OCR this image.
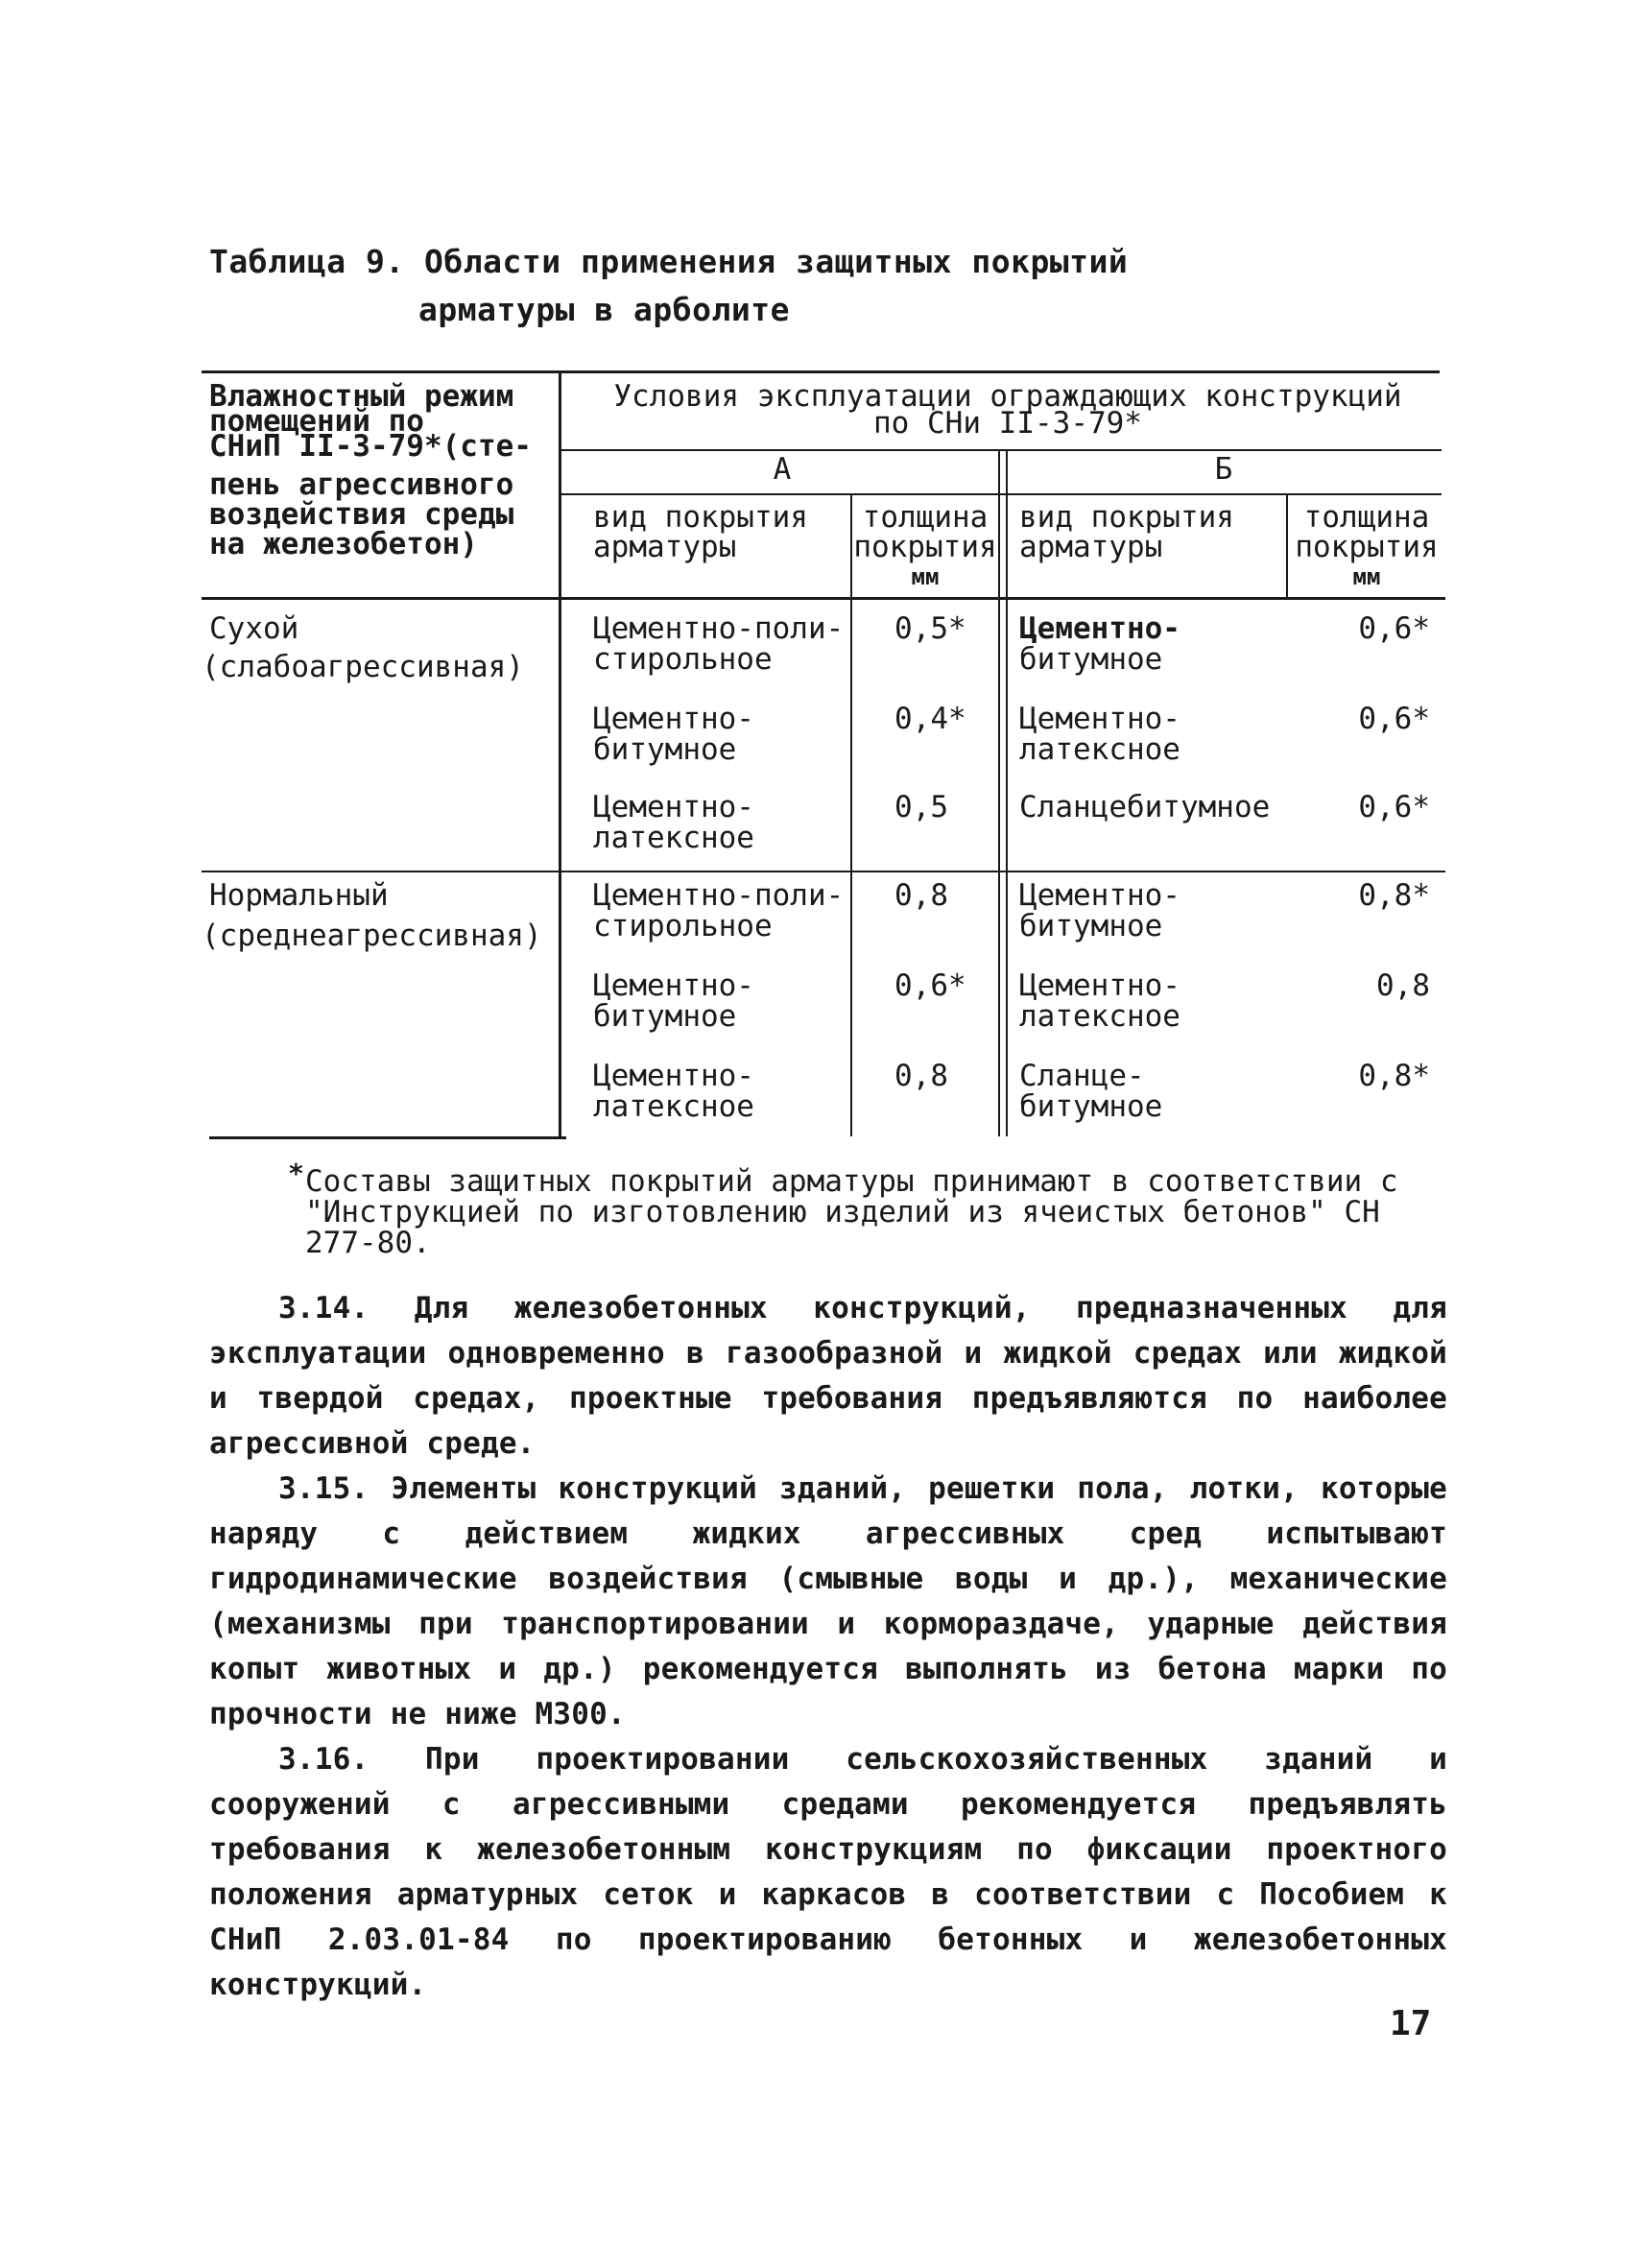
Таблица 9. Области применения защитных покрытий
арматуры в арболите
Влажностный режим
помещений по
СНиП II-3-79*(сте-
пень агрессивного
воздействия среды
на железобетон)
Условия эксплуатации ограждающих конструкций
по СНи II-3-79*
А	Б
вид покрытия
арматуры
толщина
покрытия
мм
вид покрытия
арматуры
толщина
покрытия
мм
Сухой
(слабоагрессивная)
Цементно-поли-
стирольное
0,5* Цементно-
битумное
0,6*
Цементно-
битумное
0,4* Цементно-
латексное
0,6*
Цементно-
латексное
0,5 Сланцебитумное	0,6*
Нормальный
(среднеагрессивная)
Цементно-поли-
стирольное
0,8 Цементно-
битумное
0,8*
Цементно-
битумное
0,6* Цементно-
латексное
0,8
Цементно-
латексное
0,8 Сланце-
битумное
0,8*
* Составы защитных покрытий арматуры принимают в соответствии с "Инструкцией по изготовлению изделий из ячеистых бетонов" СН 277-80.
3.14. Для железобетонных конструкций, предназначенных для эксплуатации одновременно в газообразной и жидкой средах или жидкой и твердой средах, проектные требования предъявляются по наиболее агрессивной среде.
3.15. Элементы конструкций зданий, решетки пола, лотки, которые наряду с действием жидких агрессивных сред испытывают гидродинамические воздействия (смывные воды и др.), механические (механизмы при транспортировании и кормораздаче, ударные действия копыт животных и др.) рекомендуется выполнять из бетона марки по прочности не ниже М300.
3.16. При проектировании сельскохозяйственных зданий и сооружений с агрессивными средами рекомендуется предъявлять требования к железобетонным конструкциям по фиксации проектного положения арматурных сеток и каркасов в соответствии с Пособием к СНиП 2.03.01-84 по проектированию бетонных и железобетонных конструкций.
17
